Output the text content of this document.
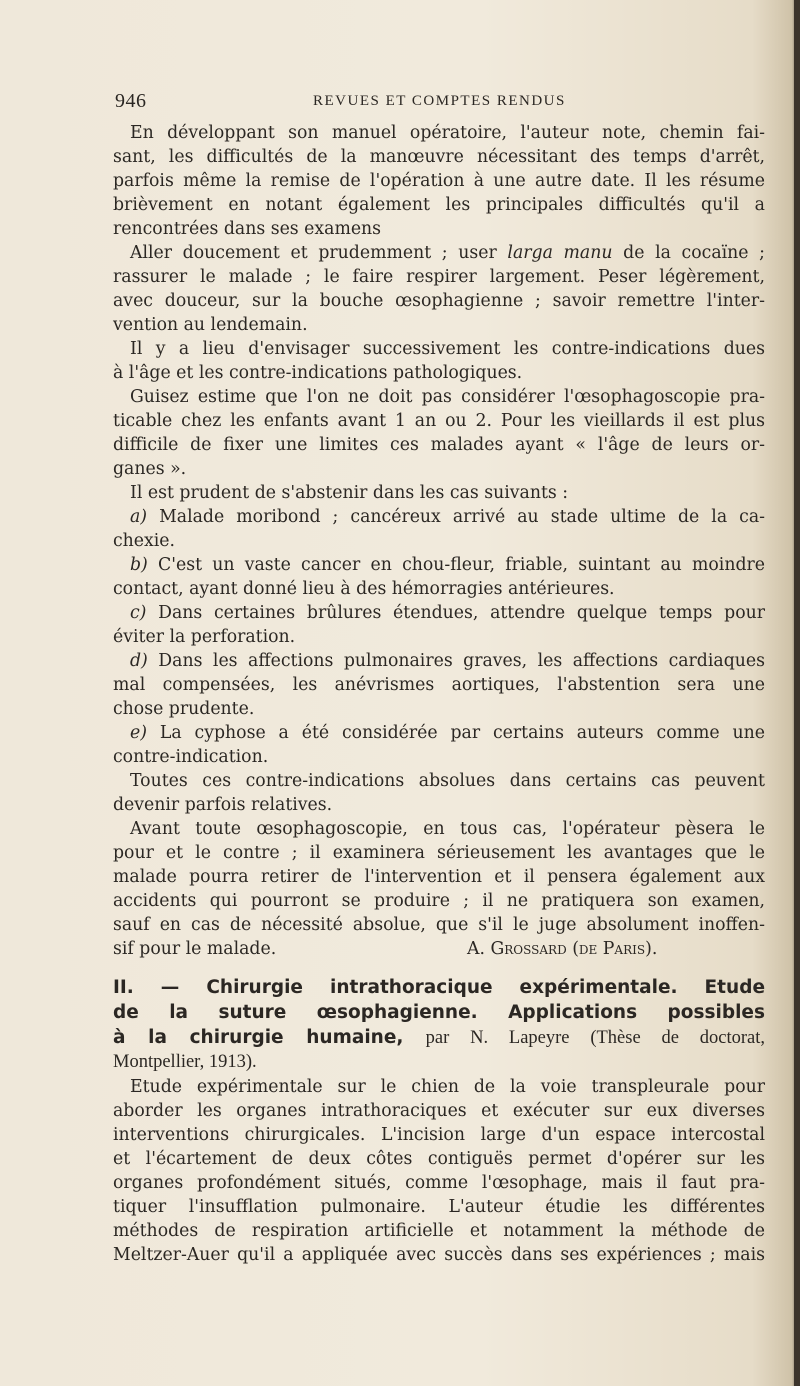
946	REVUES ET COMPTES RENDUS
En développant son manuel opératoire, l'auteur note, chemin fai-
sant, les difficultés de la manœuvre nécessitant des temps d'arrêt,
parfois même la remise de l'opération à une autre date. Il les résume
brièvement en notant également les principales difficultés qu'il a
rencontrées dans ses examens
Aller doucement et prudemment ; user larga manu de la cocaïne ;
rassurer le malade ; le faire respirer largement. Peser légèrement,
avec douceur, sur la bouche œsophagienne ; savoir remettre l'inter-
vention au lendemain.
Il y a lieu d'envisager successivement les contre-indications dues
à l'âge et les contre-indications pathologiques.
Guisez estime que l'on ne doit pas considérer l'œsophagoscopie pra-
ticable chez les enfants avant 1 an ou 2. Pour les vieillards il est plus
difficile de fixer une limites ces malades ayant « l'âge de leurs or-
ganes ».
Il est prudent de s'abstenir dans les cas suivants :
a) Malade moribond ; cancéreux arrivé au stade ultime de la ca-
chexie.
b) C'est un vaste cancer en chou-fleur, friable, suintant au moindre
contact, ayant donné lieu à des hémorragies antérieures.
c) Dans certaines brûlures étendues, attendre quelque temps pour
éviter la perforation.
d) Dans les affections pulmonaires graves, les affections cardiaques
mal compensées, les anévrismes aortiques, l'abstention sera une
chose prudente.
e) La cyphose a été considérée par certains auteurs comme une
contre-indication.
Toutes ces contre-indications absolues dans certains cas peuvent
devenir parfois relatives.
Avant toute œsophagoscopie, en tous cas, l'opérateur pèsera le
pour et le contre ; il examinera sérieusement les avantages que le
malade pourra retirer de l'intervention et il pensera également aux
accidents qui pourront se produire ; il ne pratiquera son examen,
sauf en cas de nécessité absolue, que s'il le juge absolument inoffen-
sif pour le malade.	A. Grossard (de Paris).
II. — Chirurgie intrathoracique expérimentale. Etude
de la suture œsophagienne. Applications possibles
à la chirurgie humaine, par N. Lapeyre (Thèse de doctorat,
Montpellier, 1913).
Etude expérimentale sur le chien de la voie transpleurale pour
aborder les organes intrathoraciques et exécuter sur eux diverses
interventions chirurgicales. L'incision large d'un espace intercostal
et l'écartement de deux côtes contiguës permet d'opérer sur les
organes profondément situés, comme l'œsophage, mais il faut pra-
tiquer l'insufflation pulmonaire. L'auteur étudie les différentes
méthodes de respiration artificielle et notamment la méthode de
Meltzer-Auer qu'il a appliquée avec succès dans ses expériences ; mais
